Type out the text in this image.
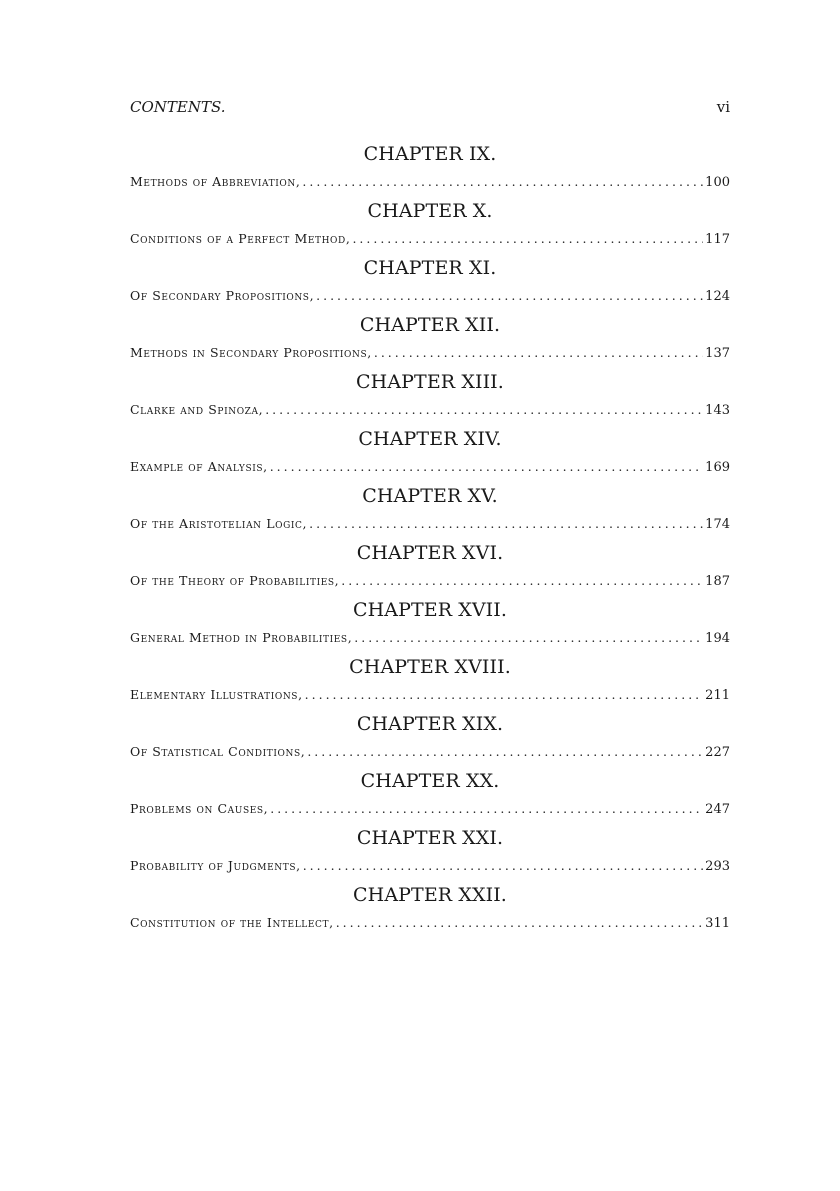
CONTENTS.	vi
CHAPTER IX.
Methods of Abbreviation, .....	100
CHAPTER X.
Conditions of a Perfect Method, .....	117
CHAPTER XI.
Of Secondary Propositions, .....	124
CHAPTER XII.
Methods in Secondary Propositions, .....	137
CHAPTER XIII.
Clarke and Spinoza, .....	143
CHAPTER XIV.
Example of Analysis, .....	169
CHAPTER XV.
Of the Aristotelian Logic, .....	174
CHAPTER XVI.
Of the Theory of Probabilities, .....	187
CHAPTER XVII.
General Method in Probabilities, .....	194
CHAPTER XVIII.
Elementary Illustrations, .....	211
CHAPTER XIX.
Of Statistical Conditions, .....	227
CHAPTER XX.
Problems on Causes, .....	247
CHAPTER XXI.
Probability of Judgments, .....	293
CHAPTER XXII.
Constitution of the Intellect, .....	311
